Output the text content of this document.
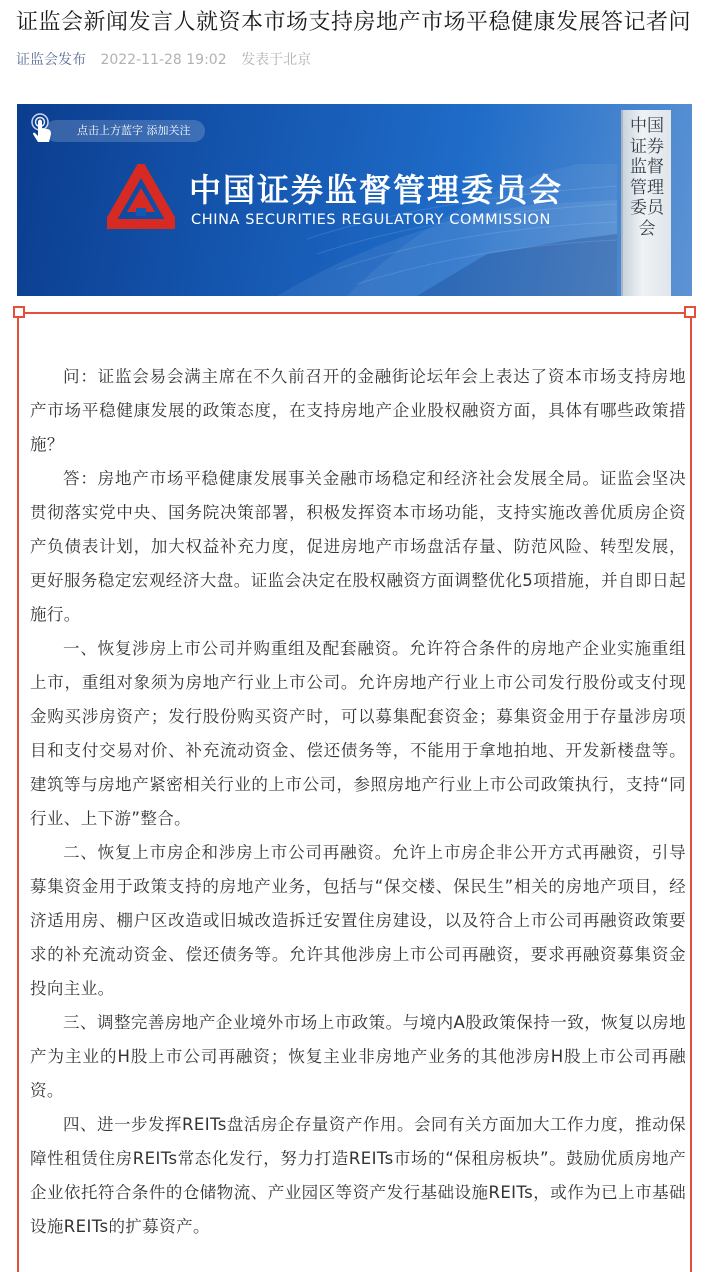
证监会新闻发言人就资本市场支持房地产市场平稳健康发展答记者问
证监会发布 2022-11-28 19:02 发表于北京
点击上方蓝字 添加关注
中国证券监督管理委员会
CHINA SECURITIES REGULATORY COMMISSION
中国证券监督管理委员会

问：证监会易会满主席在不久前召开的金融街论坛年会上表达了资本市场支持房地产市场平稳健康发展的政策态度，在支持房地产企业股权融资方面，具体有哪些政策措施？

答：房地产市场平稳健康发展事关金融市场稳定和经济社会发展全局。证监会坚决贯彻落实党中央、国务院决策部署，积极发挥资本市场功能，支持实施改善优质房企资产负债表计划，加大权益补充力度，促进房地产市场盘活存量、防范风险、转型发展，更好服务稳定宏观经济大盘。证监会决定在股权融资方面调整优化5项措施，并自即日起施行。

一、恢复涉房上市公司并购重组及配套融资。允许符合条件的房地产企业实施重组上市，重组对象须为房地产行业上市公司。允许房地产行业上市公司发行股份或支付现金购买涉房资产；发行股份购买资产时，可以募集配套资金；募集资金用于存量涉房项目和支付交易对价、补充流动资金、偿还债务等，不能用于拿地拍地、开发新楼盘等。建筑等与房地产紧密相关行业的上市公司，参照房地产行业上市公司政策执行，支持“同行业、上下游”整合。

二、恢复上市房企和涉房上市公司再融资。允许上市房企非公开方式再融资，引导募集资金用于政策支持的房地产业务，包括与“保交楼、保民生”相关的房地产项目，经济适用房、棚户区改造或旧城改造拆迁安置住房建设，以及符合上市公司再融资政策要求的补充流动资金、偿还债务等。允许其他涉房上市公司再融资，要求再融资募集资金投向主业。

三、调整完善房地产企业境外市场上市政策。与境内A股政策保持一致，恢复以房地产为主业的H股上市公司再融资；恢复主业非房地产业务的其他涉房H股上市公司再融资。

四、进一步发挥REITs盘活房企存量资产作用。会同有关方面加大工作力度，推动保障性租赁住房REITs常态化发行，努力打造REITs市场的“保租房板块”。鼓励优质房地产企业依托符合条件的仓储物流、产业园区等资产发行基础设施REITs，或作为已上市基础设施REITs的扩募资产。
